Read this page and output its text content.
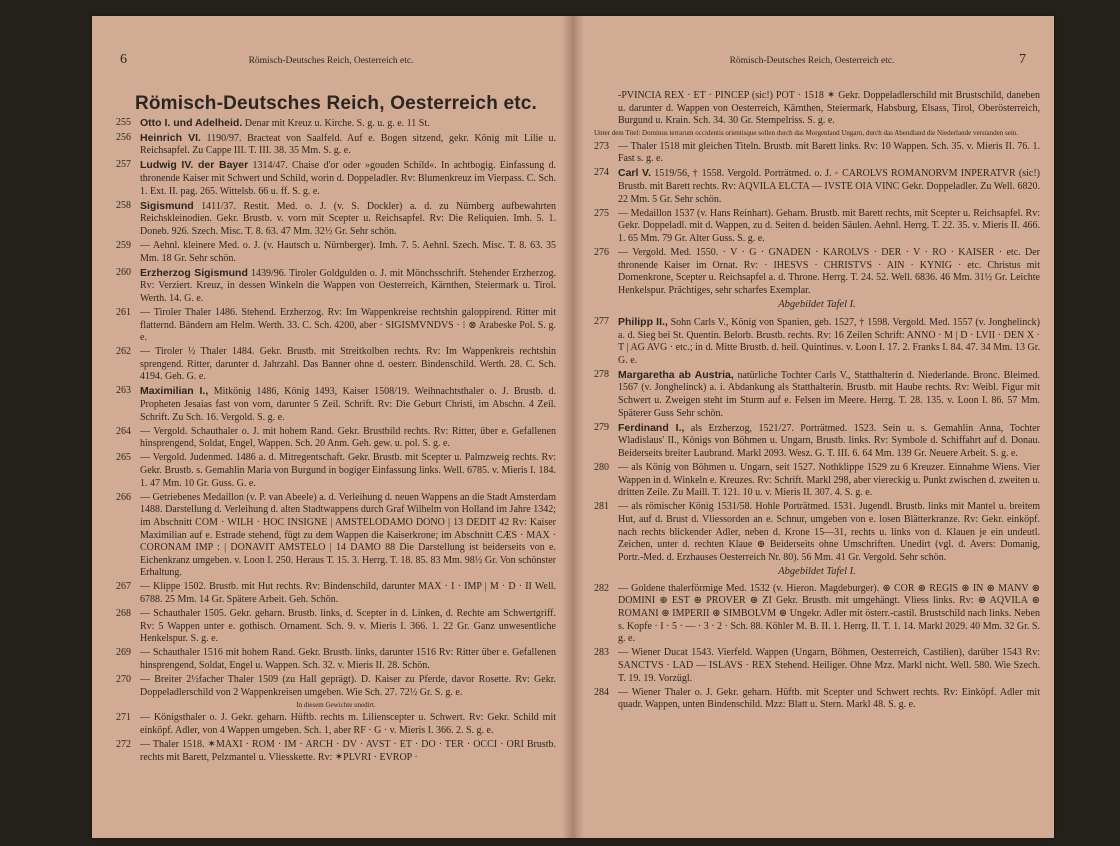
6	Römisch-Deutsches Reich, Oesterreich etc.
Römisch-Deutsches Reich, Oesterreich etc.
255 Otto I. und Adelheid. Denar mit Kreuz u. Kirche. S. g. u. g. e. 11 St.
256 Heinrich VI. 1190/97. Bracteat von Saalfeld. Auf e. Bogen sitzend, gekr. König mit Lilie u. Reichsapfel. Zu Cappe III. T. III. 38. 35 Mm. S. g. e.
257 Ludwig IV. der Bayer 1314/47. Chaise d'or oder »gouden Schild«. In achtbogig. Einfassung d. thronende Kaiser mit Schwert und Schild, worin d. Doppeladler. Rv: Blumenkreuz im Vierpass. C. Sch. 1. Ext. II. pag. 265. Wittelsb. 66 u. ff. S. g. e.
258 Sigismund 1411/37. Restit. Med. o. J. (v. S. Dockler) a. d. zu Nürnberg aufbewahrten Reichskleinodien. Gekr. Brustb. v. vorn mit Scepter u. Reichsapfel. Rv: Die Reliquien. Imh. 5. 1. Doneb. 926. Szech. Misc. T. 8. 63. 47 Mm. 32½ Gr. Sehr schön.
259 — Aehnl. kleinere Med. o. J. (v. Hautsch u. Nürnberger). Imh. 7. 5. Aehnl. Szech. Misc. T. 8. 63. 35 Mm. 18 Gr. Sehr schön.
260 Erzherzog Sigismund 1439/96. Tiroler Goldgulden o. J. mit Mönchsschrift. Stehender Erzherzog. Rv: Verziert. Kreuz, in dessen Winkeln die Wappen von Oesterreich, Kärnthen, Steiermark u. Tirol. Werth. 14. G. e.
261 — Tiroler Thaler 1486. Stehend. Erzherzog. Rv: Im Wappenkreise rechtshin galoppirend. Ritter mit flatternd. Bändern am Helm. Werth. 33. C. Sch. 4200, aber · SIGISMVNDVS · ⁝ ⊗ Arabeske Pol. S. g. e.
262 — Tiroler ½ Thaler 1484. Gekr. Brustb. mit Streitkolben rechts. Rv: Im Wappenkreis rechtshin sprengend. Ritter, darunter d. Jahrzahl. Das Banner ohne d. oesterr. Bindenschild. Werth. 28. C. Sch. 4194. Geh. G. e.
263 Maximilian I., Mitkönig 1486, König 1493, Kaiser 1508/19. Weihnachtsthaler o. J. Brustb. d. Propheten Jesaias fast von vorn, darunter 5 Zeil. Schrift. Rv: Die Geburt Christi, im Abschn. 4 Zeil. Schrift. Zu Sch. 16. Vergold. S. g. e.
264 — Vergold. Schauthaler o. J. mit hohem Rand. Gekr. Brustbild rechts. Rv: Ritter, über e. Gefallenen hinsprengend, Soldat, Engel, Wappen. Sch. 20 Anm. Geh. gew. u. pol. S. g. e.
265 — Vergold. Judenmed. 1486 a. d. Mitregentschaft. Gekr. Brustb. mit Scepter u. Palmzweig rechts. Rv: Gekr. Brustb. s. Gemahlin Maria von Burgund in bogiger Einfassung links. Well. 6785. v. Mieris I. 184. 1. 47 Mm. 10 Gr. Guss. G. e.
266 — Getriebenes Medaillon (v. P. van Abeele) a. d. Verleihung d. neuen Wappens an die Stadt Amsterdam 1488. Darstellung d. Verleihung d. alten Stadtwappens durch Graf Wilhelm von Holland im Jahre 1342; im Abschnitt COM · WILH · HOC INSIGNE | AMSTELODAMO DONO | 13 DEDIT 42 Rv: Kaiser Maximilian auf e. Estrade stehend, fügt zu dem Wappen die Kaiserkrone; im Abschnitt CÆS · MAX · CORONAM IMP : | DONAVIT AMSTELO | 14 DAMO 88 Die Darstellung ist beiderseits von e. Eichenkranz umgeben. v. Loon I. 250. Heraus T. 15. 3. Herrg. T. 18. 85. 83 Mm. 98½ Gr. Von schönster Erhaltung.
267 — Klippe 1502. Brustb. mit Hut rechts. Rv: Bindenschild, darunter MAX · I · IMP | M · D · II Well. 6788. 25 Mm. 14 Gr. Spätere Arbeit. Geh. Schön.
268 — Schauthaler 1505. Gekr. geharn. Brustb. links, d. Scepter in d. Linken, d. Rechte am Schwertgriff. Rv: 5 Wappen unter e. gothisch. Ornament. Sch. 9. v. Mieris I. 366. 1. 22 Gr. Ganz unwesentliche Henkelspur. S. g. e.
269 — Schauthaler 1516 mit hohem Rand. Gekr. Brustb. links, darunter 1516 Rv: Ritter über e. Gefallenen hinsprengend, Soldat, Engel u. Wappen. Sch. 32. v. Mieris II. 28. Schön.
270 — Breiter 2½facher Thaler 1509 (zu Hall geprägt). D. Kaiser zu Pferde, davor Rosette. Rv: Gekr. Doppeladlerschild von 2 Wappenkreisen umgeben. Wie Sch. 27. 72½ Gr. S. g. e.
In diesem Gewichte unedirt.
271 — Königsthaler o. J. Gekr. geharn. Hüftb. rechts m. Lilienscepter u. Schwert. Rv: Gekr. Schild mit einköpf. Adler, von 4 Wappen umgeben. Sch. 1, aber RF · G · v. Mieris I. 366. 2. S. g. e.
272 — Thaler 1518. ✶MAXI · ROM · IM · ARCH · DV · AVST · ET · DO · TER · OCCI · ORI Brustb. rechts mit Barett, Pelzmantel u. Vliesskette. Rv: ✶PLVRI · EVROP ·
7
Römisch-Deutsches Reich, Oesterreich etc.
-PVINCIA REX · ET · PINCEP (sic!) POT · 1518 ✶ Gekr. Doppeladlerschild mit Brustschild, daneben u. darunter d. Wappen von Oesterreich, Kärnthen, Steiermark, Habsburg, Elsass, Tirol, Oberösterreich, Burgund u. Krain. Sch. 34. 30 Gr. Stempelriss. S. g. e.
Unter dem Titel: Dominus terrarum occidentis orientisque sollen durch das Morgenland Ungarn, durch das Abendland die Niederlande verstanden sein.
273 — Thaler 1518 mit gleichen Titeln. Brustb. mit Barett links. Rv: 10 Wappen. Sch. 35. v. Mieris II. 76. 1. Fast s. g. e.
274 Carl V. 1519/56, † 1558. Vergold. Porträtmed. o. J. ◦ CAROLVS ROMANORVM INPERATVR (sic!) Brustb. mit Barett rechts. Rv: AQVILA ELCTA — IVSTE OIA VINC Gekr. Doppeladler. Zu Well. 6820. 22 Mm. 5 Gr. Sehr schön.
275 — Medaillon 1537 (v. Hans Reinhart). Geharn. Brustb. mit Barett rechts, mit Scepter u. Reichsapfel. Rv: Gekr. Doppeladl. mit d. Wappen, zu d. Seiten d. beiden Säulen. Aehnl. Herrg. T. 22. 35. v. Mieris II. 466. 1. 65 Mm. 79 Gr. Alter Guss. S. g. e.
276 — Vergold. Med. 1550. · V · G · GNADEN · KAROLVS · DER · V · RO · KAISER · etc. Der thronende Kaiser im Ornat. Rv: · IHESVS · CHRISTVS · AIN · KYNIG · etc. Christus mit Dornenkrone, Scepter u. Reichsapfel a. d. Throne. Herrg. T. 24. 52. Well. 6836. 46 Mm. 31½ Gr. Leichte Henkelspur. Prächtiges, sehr scharfes Exemplar.
Abgebildet Tafel I.
277 Philipp II., Sohn Carls V., König von Spanien, geb. 1527, † 1598. Vergold. Med. 1557 (v. Jonghelinck) a. d. Sieg bei St. Quentin. Belorb. Brustb. rechts. Rv: 16 Zeilen Schrift: ANNO · M | D · LVII · DEN X · T | AG AVG · etc.; in d. Mitte Brustb. d. heil. Quintinus. v. Loon I. 17. 2. Franks I. 84. 47. 34 Mm. 13 Gr. G. e.
278 Margaretha ab Austria, natürliche Tochter Carls V., Statthalterin d. Niederlande. Bronc. Bleimed. 1567 (v. Jonghelinck) a. i. Abdankung als Statthalterin. Brustb. mit Haube rechts. Rv: Weibl. Figur mit Schwert u. Zweigen steht im Sturm auf e. Felsen im Meere. Herrg. T. 28. 135. v. Loon I. 86. 57 Mm. Späterer Guss Sehr schön.
279 Ferdinand I., als Erzherzog, 1521/27. Porträtmed. 1523. Sein u. s. Gemahlin Anna, Tochter Wladislaus' II., Königs von Böhmen u. Ungarn, Brustb. links. Rv: Symbole d. Schiffahrt auf d. Donau. Beiderseits breiter Laubrand. Markl 2093. Wesz. G. T. III. 6. 64 Mm. 139 Gr. Neuere Arbeit. S. g. e.
280 — als König von Böhmen u. Ungarn, seit 1527. Nothklippe 1529 zu 6 Kreuzer. Einnahme Wiens. Vier Wappen in d. Winkeln e. Kreuzes. Rv: Schrift. Markl 298, aber viereckig u. Punkt zwischen d. zweiten u. dritten Zeile. Zu Maill. T. 121. 10 u. v. Mieris II. 307. 4. S. g. e.
281 — als römischer König 1531/58. Hohle Porträtmed. 1531. Jugendl. Brustb. links mit Mantel u. breitem Hut, auf d. Brust d. Vliessorden an e. Schnur, umgeben von e. losen Blätterkranze. Rv: Gekr. einköpf. nach rechts blickender Adler, neben d. Krone 15—31, rechts u. links von d. Klauen je ein undeutl. Zeichen, unter d. rechten Klaue ⊕ Beiderseits ohne Umschriften. Unedirt (vgl. d. Avers: Domanig, Portr.-Med. d. Erzhauses Oesterreich Nr. 80). 56 Mm. 41 Gr. Vergold. Sehr schön.
Abgebildet Tafel I.
282 — Goldene thalerförmige Med. 1532 (v. Hieron. Magdeburger). ⊛ COR ⊛ REGIS ⊛ IN ⊛ MANV ⊛ DOMINI ⊛ EST ⊛ PROVER ⊛ ZI Gekr. Brustb. mit umgehängt. Vliess links. Rv: ⊛ AQVILA ⊛ ROMANI ⊛ IMPERII ⊛ SIMBOLVM ⊛ Ungekr. Adler mit österr.-castil. Brustschild nach links. Neben s. Kopfe · I · 5 · — · 3 · 2 · Sch. 88. Köhler M. B. II. 1. Herrg. II. T. 1. 14. Markl 2029. 40 Mm. 32 Gr. S. g. e.
283 — Wiener Ducat 1543. Vierfeld. Wappen (Ungarn, Böhmen, Oesterreich, Castilien), darüber 1543 Rv: SANCTVS · LAD — ISLAVS · REX Stehend. Heiliger. Ohne Mzz. Markl nicht. Well. 580. Wie Szech. T. 19. 19. Vorzügl.
284 — Wiener Thaler o. J. Gekr. geharn. Hüftb. mit Scepter und Schwert rechts. Rv: Einköpf. Adler mit quadr. Wappen, unten Bindenschild. Mzz: Blatt u. Stern. Markl 48. S. g. e.
